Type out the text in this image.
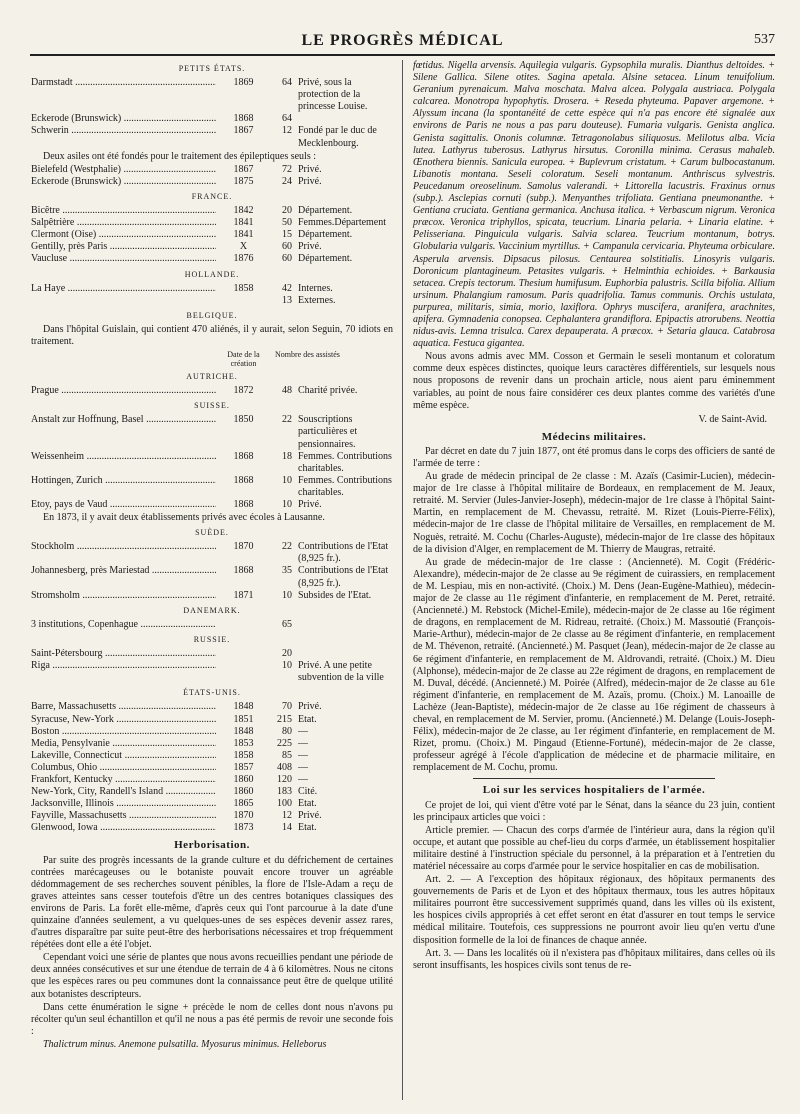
LE PROGRÈS MÉDICAL	537
PETITS ÉTATS.
Darmstadt .....	1869	64 Privé, sous la protection de la princesse Louise.
Eckerode (Brunswick) .....	1868	64
Schwerin .....	1867	12 Fondé par le duc de Mecklenbourg.
Deux asiles ont été fondés pour le traitement des épileptiques seuls :
Bielefeld (Westphalie) .....	1867	72 Privé.
Eckerode (Brunswick) .....	1875	24 Privé.
FRANCE.
Bicêtre .....	1842	20 Département.
Salpêtrière .....	1841	50 Femmes.Département
Clermont (Oise) .....	1841	15 Département.
Gentilly, près Paris .....	X	60 Privé.
Vaucluse .....	1876	60 Département.
HOLLANDE.
La Haye .....	1858	42 Internes.
13 Externes.
BELGIQUE.
Dans l'hôpital Guislain, qui contient 470 aliénés, il y aurait, selon Seguin, 70 idiots en traitement.
Date de la création
Nombre des assistés
AUTRICHE.
Prague .....	1872	48 Charité privée.
SUISSE.
Anstalt zur Hoffnung, Basel .....	1850	22 Souscriptions particulières et pensionnaires.
Weissenheim .....	1868	18 Femmes. Contributions charitables.
Hottingen, Zurich .....	1868	10 Femmes. Contributions charitables.
Etoy, pays de Vaud .....	1868	10 Privé.
En 1873, il y avait deux établissements privés avec écoles à Lausanne.
SUÈDE.
Stockholm .....	1870	22 Contributions de l'Etat (8,925 fr.).
Johannesberg, près Mariestad .....	1868	35 Contributions de l'Etat (8,925 fr.).
Stromsholm .....	1871	10 Subsides de l'Etat.
DANEMARK.
3 institutions, Copenhague .....	65
RUSSIE.
Saint-Pétersbourg .....	20
Riga .....	10 Privé. A une petite subvention de la ville
ÉTATS-UNIS.
Barre, Massachusetts .....	1848	70 Privé.
Syracuse, New-York .....	1851	215 Etat.
Boston .....	1848	80 —
Media, Pensylvanie .....	1853	225 —
Lakeville, Connecticut .....	1858	85 —
Columbus, Ohio .....	1857	408 —
Frankfort, Kentucky .....	1860	120 —
New-York, City, Randell's Island .....	1860	183 Cité.
Jacksonville, Illinois .....	1865	100 Etat.
Fayville, Massachusetts .....	1870	12 Privé.
Glenwood, Iowa .....	1873	14 Etat.
Herborisation.
Par suite des progrès incessants de la grande culture et du défrichement de certaines contrées marécageuses ou le botaniste pouvait encore trouver un agréable dédommagement de ses recherches souvent pénibles, la flore de l'Isle-Adam a reçu de graves atteintes sans cesser toutefois d'être un des centres botaniques classiques des environs de Paris. La forêt elle-même, d'après ceux qui l'ont parcourue à la date d'une quinzaine d'années seulement, a vu quelques-unes de ses espèces devenir assez rares, d'autres disparaître par suite peut-être des herborisations nécessaires et trop fréquemment répétées dont elle a été l'objet.
Cependant voici une série de plantes que nous avons recueillies pendant une période de deux années consécutives et sur une étendue de terrain de 4 à 6 kilomètres. Nous ne citons que les espèces rares ou peu communes dont la connaissance peut être de quelque utilité aux botanistes descripteurs.
Dans cette énumération le signe + précède le nom de celles dont nous n'avons pu récolter qu'un seul échantillon et qu'il ne nous a pas été permis de revoir une seconde fois :
Thalictrum minus. Anemone pulsatilla. Myosurus minimus. Helleborus
fœtidus. Nigella arvensis. Aquilegia vulgaris. Gypsophila muralis. Dianthus deltoides. + Silene Gallica. Silene otites. Sagina apetala. Alsine setacea. Linum tenuifolium. Geranium pyrenaicum. Malva moschata. Malva alcea. Polygala austriaca. Polygala calcarea. Monotropa hypophytis. Drosera. + Reseda phyteuma. Papaver argemone. + Alyssum incana (la spontanéité de cette espèce qui n'a pas encore été signalée aux environs de Paris ne nous a pas paru douteuse). Fumaria vulgaris. Genista anglica. Genista sagittalis. Ononis columnæ. Tetragonolabus siliquosus. Melilotus alba. Vicia lutea. Lathyrus tuberosus. Lathyrus hirsutus. Coronilla minima. Cerasus mahaleb. Œnothera biennis. Sanicula europea. + Buplevrum cristatum. + Carum bulbocastanum. Libanotis montana. Seseli coloratum. Seseli montanum. Anthriscus sylvestris. Peucedanum oreoselinum. Samolus valerandi. + Littorella lacustris. Fraxinus ornus (subp.). Asclepias cornuti (subp.). Menyanthes trifoliata. Gentiana pneumonanthe. + Gentiana cruciata. Gentiana germanica. Anchusa italica. + Verbascum nigrum. Veronica præcox. Veronica triphyllos, spicata, teucrium. Linaria pelaria. + Linaria elatine. + Pelisseriana. Pinguicula vulgaris. Salvia sclarea. Teucrium montanum, botrys. Globularia vulgaris. Vaccinium myrtillus. + Campanula cervicaria. Phyteuma orbiculare. Asperula arvensis. Dipsacus pilosus. Centaurea solstitialis. Linosyris vulgaris. Doronicum plantagineum. Petasites vulgaris. + Helminthia echioides. + Barkausia setacea. Crepis tectorum. Thesium humifusum. Euphorbia palustris. Scilla bifolia. Allium ursinum. Phalangium ramosum. Paris quadrifolia. Tamus communis. Orchis ustulata, purpurea, militaris, simia, morio, laxiflora. Ophrys muscifera, aranifera, arachnites, apifera. Gymnadenia conopsea. Cephalantera grandiflora. Epipactis atrorubens. Neottia nidus-avis. Lemna trisulca. Carex depauperata. A præcox. + Setaria glauca. Catabrosa aquatica. Festuca gigantea.
Nous avons admis avec MM. Cosson et Germain le seseli montanum et coloratum comme deux espèces distinctes, quoique leurs caractères différentiels, sur lesquels nous nous proposons de revenir dans un prochain article, nous aient paru éminemment variables, au point de nous faire considérer ces deux plantes comme des variétés d'une même espèce.
V. de Saint-Avid.
Médecins militaires.
Par décret en date du 7 juin 1877, ont été promus dans le corps des officiers de santé de l'armée de terre :
Au grade de médecin principal de 2e classe : M. Azaïs (Casimir-Lucien), médecin-major de 1re classe à l'hôpital militaire de Bordeaux, en remplacement de M. Jeaux, retraité. M. Servier (Jules-Janvier-Joseph), médecin-major de 1re classe à l'hôpital Saint-Martin, en remplacement de M. Chevassu, retraité. M. Rizet (Louis-Pierre-Félix), médecin-major de 1re classe de l'hôpital militaire de Versailles, en remplacement de M. Noguès, retraité. M. Cochu (Charles-Auguste), médecin-major de 1re classe des hôpitaux de la division d'Alger, en remplacement de M. Thierry de Maugras, retraité.
Au grade de médecin-major de 1re classe : (Ancienneté). M. Cogit (Frédéric-Alexandre), médecin-major de 2e classe au 9e régiment de cuirassiers, en remplacement de M. Lespiau, mis en non-activité. (Choix.) M. Dens (Jean-Eugène-Mathieu), médecin-major de 2e classe au 11e régiment d'infanterie, en remplacement de M. Peret, retraité. (Ancienneté.) M. Rebstock (Michel-Emile), médecin-major de 2e classe au 16e régiment de dragons, en remplacement de M. Ridreau, retraité. (Choix.) M. Massoutié (François-Marie-Arthur), médecin-major de 2e classe au 8e régiment d'infanterie, en remplacement de M. Thévenon, retraité. (Ancienneté.) M. Pasquet (Jean), médecin-major de 2e classe au 6e régiment d'infanterie, en remplacement de M. Aldrovandi, retraité. (Choix.) M. Dieu (Alphonse), médecin-major de 2e classe au 22e régiment de dragons, en remplacement de M. Duval, décédé. (Ancienneté.) M. Poirée (Alfred), médecin-major de 2e classe au 61e régiment d'infanterie, en remplacement de M. Azaïs, promu. (Choix.) M. Lanoaille de Lachèze (Jean-Baptiste), médecin-major de 2e classe au 16e régiment de chasseurs à cheval, en remplacement de M. Servier, promu. (Ancienneté.) M. Delange (Louis-Joseph-Félix), médecin-major de 2e classe, au 1er régiment d'infanterie, en remplacement de M. Rizet, promu. (Choix.) M. Pingaud (Etienne-Fortuné), médecin-major de 2e classe, professeur agrégé à l'école d'application de médecine et de pharmacie militaire, en remplacement de M. Cochu, promu.
Loi sur les services hospitaliers de l'armée.
Ce projet de loi, qui vient d'être voté par le Sénat, dans la séance du 23 juin, contient les principaux articles que voici :
Article premier. — Chacun des corps d'armée de l'intérieur aura, dans la région qu'il occupe, et autant que possible au chef-lieu du corps d'armée, un établissement hospitalier militaire destiné à l'instruction spéciale du personnel, à la préparation et à l'entretien du matériel nécessaire au corps d'armée pour le service hospitalier en cas de mobilisation.
Art. 2. — A l'exception des hôpitaux régionaux, des hôpitaux permanents des gouvernements de Paris et de Lyon et des hôpitaux thermaux, tous les autres hôpitaux militaires pourront être successivement supprimés quand, dans les villes où ils existent, les hospices civils appropriés à cet effet seront en état d'assurer en tout temps le service médical militaire. Toutefois, ces suppressions ne pourront avoir lieu qu'en vertu d'une disposition formelle de la loi de finances de chaque année.
Art. 3. — Dans les localités où il n'existera pas d'hôpitaux militaires, dans celles où ils seront insuffisants, les hospices civils sont tenus de re-
